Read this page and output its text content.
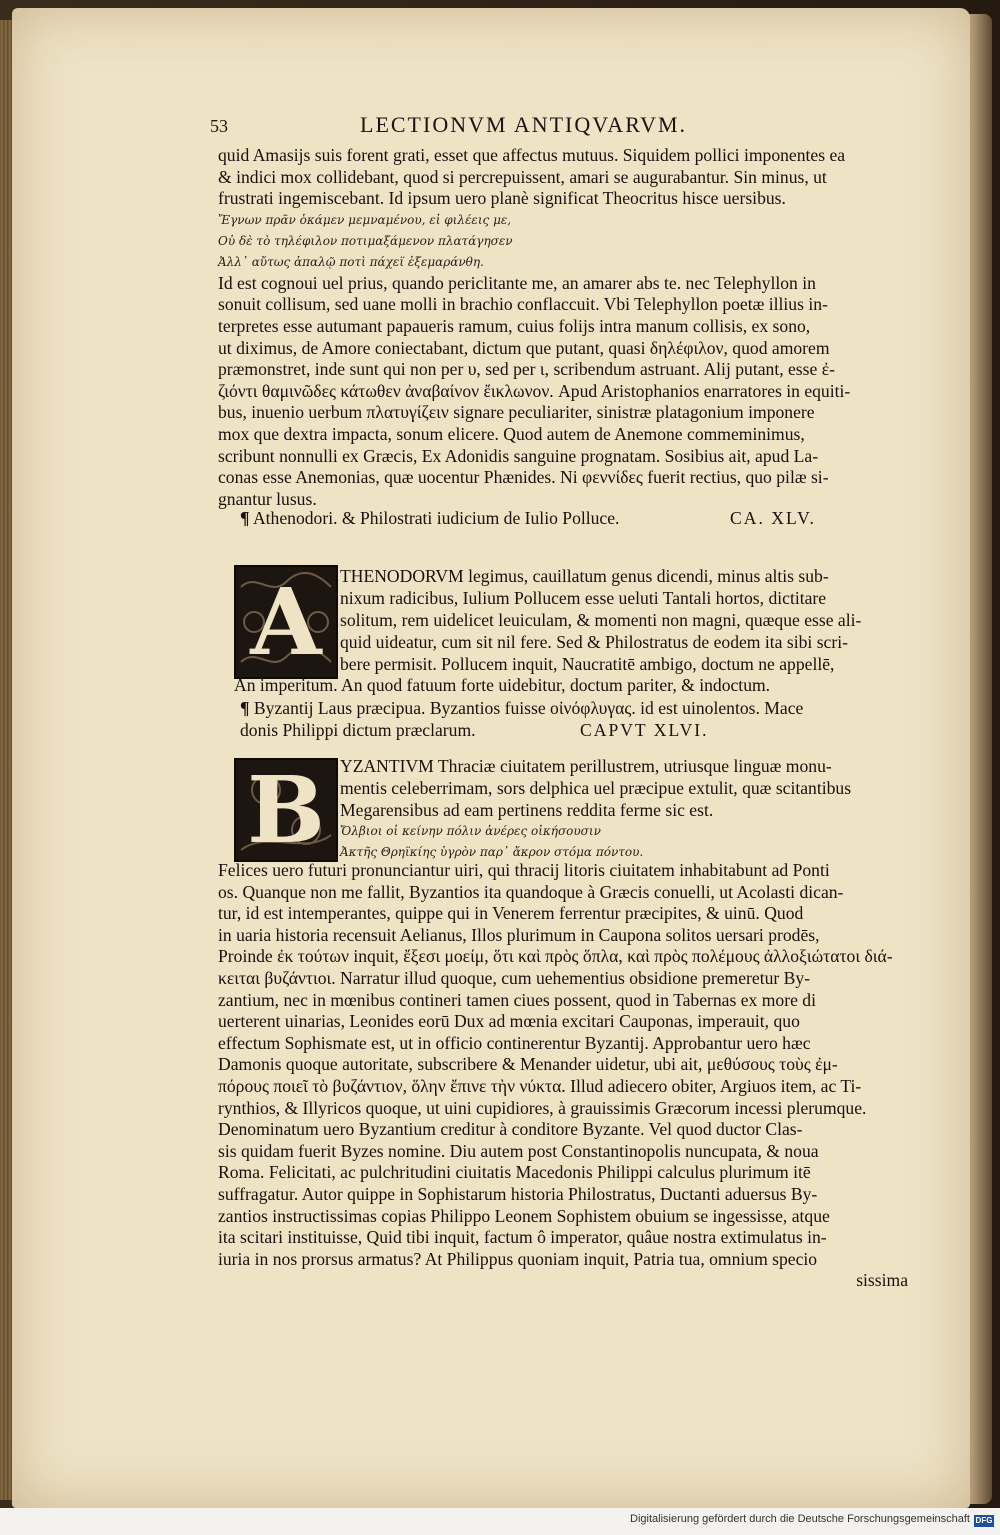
53	LECTIONVM ANTIQVARVM.

quid Amasijs suis forent grati, esset que affectus mutuus. Siquidem pollici imponentes ea

& indici mox collidebant, quod si percrepuissent, amari se augurabantur. Sin minus, ut

frustrati ingemiscebant. Id ipsum uero planè significat Theocritus hisce uersibus.

Ἔγνων πρᾶν ὁκάμεν μεμναμένου, εἰ φιλέεις με,

Οὐ δὲ τὸ τηλέφιλον ποτιμαξάμενον πλατάγησεν

Ἀλλ᾽ αὔτως ἁπαλῷ ποτὶ πάχεϊ ἐξεμαράνθη.

Id est cognoui uel prius, quando periclitante me, an amarer abs te. nec Telephyllon in

sonuit collisum, sed uane molli in brachio conflaccuit. Vbi Telephyllon poetæ illius in-

terpretes esse autumant papaueris ramum, cuius folijs intra manum collisis, ex sono,

ut diximus, de Amore coniectabant, dictum que putant, quasi δηλέφιλον, quod amorem

præmonstret, inde sunt qui non per υ, sed per ι, scribendum astruant. Alij putant, esse ἐ-

ζιόντι θαμινῶδες κάτωθεν ἀναβαίνον ἔικλωνον. Apud Aristophanios enarratores in equiti-

bus, inuenio uerbum πλατυγίζειν signare peculiariter, sinistræ platagonium imponere

mox que dextra impacta, sonum elicere. Quod autem de Anemone commeminimus,

scribunt nonnulli ex Græcis, Ex Adonidis sanguine prognatam. Sosibius ait, apud La-

conas esse Anemonias, quæ uocentur Phænides. Ni φεννίδες fuerit rectius, quo pilæ si-

gnantur lusus.

¶ Athenodori. & Philostrati iudicium de Iulio Polluce.	CA. XLV.
A	THENODORVM legimus, cauillatum genus dicendi, minus altis sub-

nixum radicibus, Iulium Pollucem esse ueluti Tantali hortos, dictitare

solitum, rem uidelicet leuiculam, & momenti non magni, quæque esse ali-

quid uideatur, cum sit nil fere. Sed & Philostratus de eodem ita sibi scri-

bere permisit. Pollucem inquit, Naucratitē ambigo, doctum ne appellē,

An imperitum. An quod fatuum forte uidebitur, doctum pariter, & indoctum.

¶ Byzantij Laus præcipua. Byzantios fuisse οἰνόφλυγας. id est uinolentos. Mace
donis Philippi dictum præclarum.	CAPVT XLVI.
B YZANTIVM Thraciæ ciuitatem perillustrem, utriusque linguæ monu-

mentis celeberrimam, sors delphica uel præcipue extulit, quæ scitantibus

Megarensibus ad eam pertinens reddita ferme sic est.

Ὄλβιοι οἱ κείνην πόλιν ἀνέρες οἰκήσουσιν

Ἀκτῆς Θρηϊκίης ὑγρὸν παρ᾽ ἄκρον στόμα πόντου.

Felices uero futuri pronunciantur uiri, qui thracij litoris ciuitatem inhabitabunt ad Ponti

os. Quanque non me fallit, Byzantios ita quandoque à Græcis conuelli, ut Acolasti dican-

tur, id est intemperantes, quippe qui in Venerem ferrentur præcipites, & uinū. Quod

in uaria historia recensuit Aelianus, Illos plurimum in Caupona solitos uersari prodēs,

Proinde ἐκ τούτων inquit, ἔξεσι μοείμ, ὅτι καὶ πρὸς ὅπλα, καὶ πρὸς πολέμους ἀλλοξιώτατοι διά-

κειται βυζάντιοι. Narratur illud quoque, cum uehementius obsidione premeretur By-

zantium, nec in mœnibus contineri tamen ciues possent, quod in Tabernas ex more di

uerterent uinarias, Leonides eorū Dux ad mœnia excitari Cauponas, imperauit, quo

effectum Sophismate est, ut in officio continerentur Byzantij. Approbantur uero hæc

Damonis quoque autoritate, subscribere & Menander uidetur, ubi ait, μεθύσους τοὺς ἐμ-

πόρους ποιεῖ τὸ βυζάντιον, ὅλην ἔπινε τὴν νύκτα. Illud adiecero obiter, Argiuos item, ac Ti-

rynthios, & Illyricos quoque, ut uini cupidiores, à grauissimis Græcorum incessi plerumque.

Denominatum uero Byzantium creditur à conditore Byzante. Vel quod ductor Clas-

sis quidam fuerit Byzes nomine. Diu autem post Constantinopolis nuncupata, & noua

Roma. Felicitati, ac pulchritudini ciuitatis Macedonis Philippi calculus plurimum itē

suffragatur. Autor quippe in Sophistarum historia Philostratus, Ductanti aduersus By-

zantios instructissimas copias Philippo Leonem Sophistem obuium se ingessisse, atque

ita scitari instituisse, Quid tibi inquit, factum ô imperator, quâue nostra extimulatus in-

iuria in nos prorsus armatus? At Philippus quoniam inquit, Patria tua, omnium specio

sissima

Digitalisierung gefördert durch die Deutsche Forschungsgemeinschaft DFG
